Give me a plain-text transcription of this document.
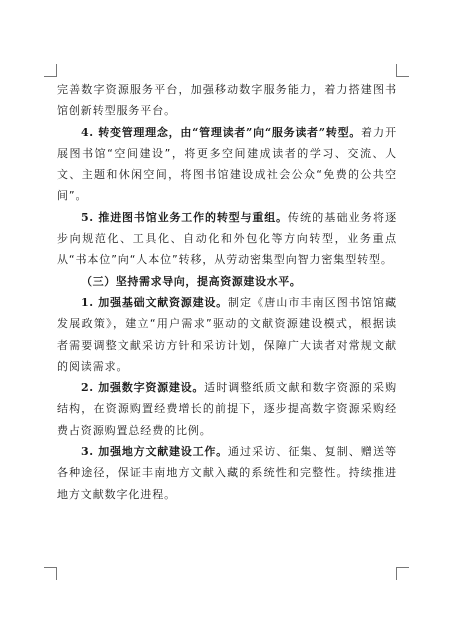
完善数字资源服务平台，加强移动数字服务能力，着力搭建图书馆创新转型服务平台。

4. 转变管理理念，由“管理读者”向“服务读者”转型。着力开展图书馆“空间建设”，将更多空间建成读者的学习、交流、人文、主题和休闲空间，将图书馆建设成社会公众“免费的公共空间”。

5. 推进图书馆业务工作的转型与重组。传统的基础业务将逐步向规范化、工具化、自动化和外包化等方向转型，业务重点从“书本位”向“人本位”转移，从劳动密集型向智力密集型转型。

（三）坚持需求导向，提高资源建设水平。

1. 加强基础文献资源建设。制定《唐山市丰南区图书馆馆藏发展政策》，建立“用户需求”驱动的文献资源建设模式，根据读者需要调整文献采访方针和采访计划，保障广大读者对常规文献的阅读需求。

2. 加强数字资源建设。适时调整纸质文献和数字资源的采购结构，在资源购置经费增长的前提下，逐步提高数字资源采购经费占资源购置总经费的比例。

3. 加强地方文献建设工作。通过采访、征集、复制、赠送等各种途径，保证丰南地方文献入藏的系统性和完整性。持续推进地方文献数字化进程。
